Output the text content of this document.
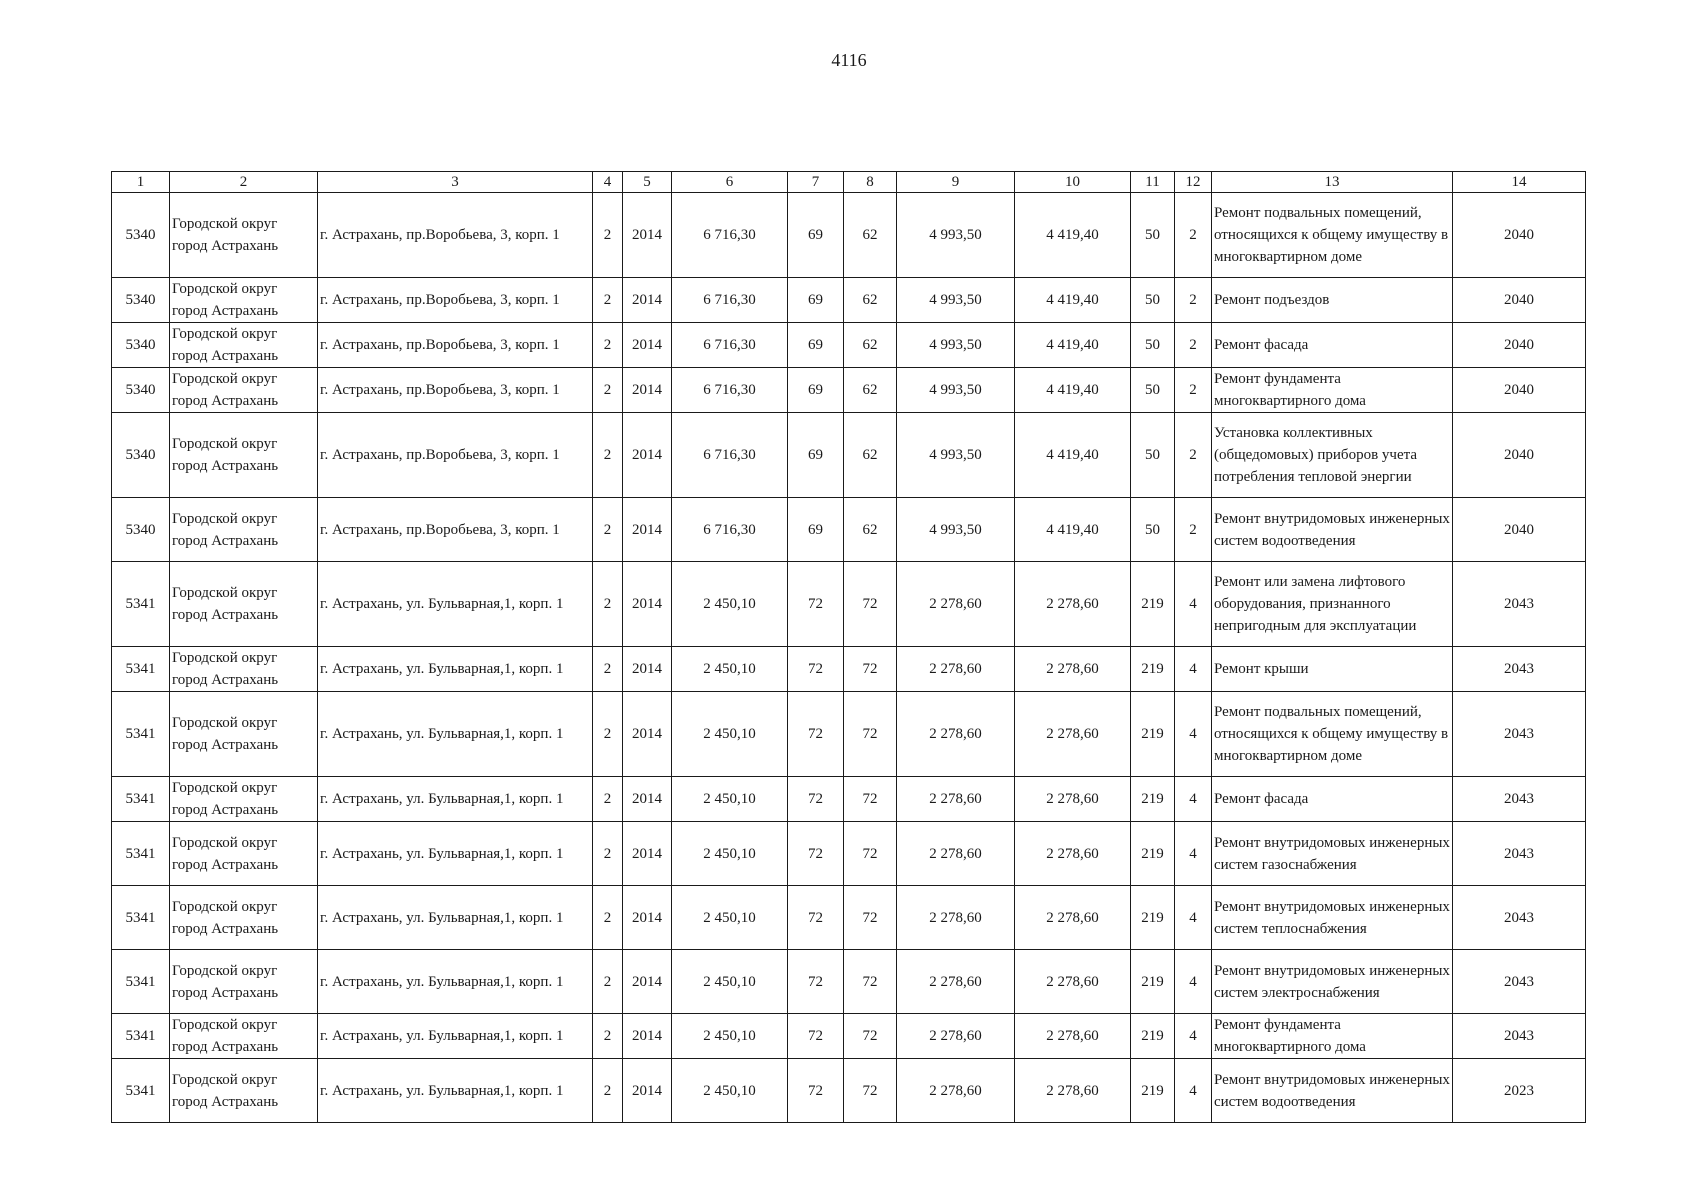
4116
1	2	3	4	5	6	7	8	9	10	11	12	13	14
5340	Городской округ город Астрахань	г. Астрахань, пр.Воробьева, 3, корп. 1	2	2014	6 716,30	69	62	4 993,50	4 419,40	50	2	Ремонт подвальных помещений, относящихся к общему имуществу в многоквартирном доме	2040
5340	Городской округ город Астрахань	г. Астрахань, пр.Воробьева, 3, корп. 1	2	2014	6 716,30	69	62	4 993,50	4 419,40	50	2	Ремонт подъездов	2040
5340	Городской округ город Астрахань	г. Астрахань, пр.Воробьева, 3, корп. 1	2	2014	6 716,30	69	62	4 993,50	4 419,40	50	2	Ремонт фасада	2040
5340	Городской округ город Астрахань	г. Астрахань, пр.Воробьева, 3, корп. 1	2	2014	6 716,30	69	62	4 993,50	4 419,40	50	2	Ремонт фундамента многоквартирного дома	2040
5340	Городской округ город Астрахань	г. Астрахань, пр.Воробьева, 3, корп. 1	2	2014	6 716,30	69	62	4 993,50	4 419,40	50	2	Установка коллективных (общедомовых) приборов учета потребления тепловой энергии	2040
5340	Городской округ город Астрахань	г. Астрахань, пр.Воробьева, 3, корп. 1	2	2014	6 716,30	69	62	4 993,50	4 419,40	50	2	Ремонт внутридомовых инженерных систем водоотведения	2040
5341	Городской округ город Астрахань	г. Астрахань, ул. Бульварная,1, корп. 1	2	2014	2 450,10	72	72	2 278,60	2 278,60	219	4	Ремонт или замена лифтового оборудования, признанного непригодным для эксплуатации	2043
5341	Городской округ город Астрахань	г. Астрахань, ул. Бульварная,1, корп. 1	2	2014	2 450,10	72	72	2 278,60	2 278,60	219	4	Ремонт крыши	2043
5341	Городской округ город Астрахань	г. Астрахань, ул. Бульварная,1, корп. 1	2	2014	2 450,10	72	72	2 278,60	2 278,60	219	4	Ремонт подвальных помещений, относящихся к общему имуществу в многоквартирном доме	2043
5341	Городской округ город Астрахань	г. Астрахань, ул. Бульварная,1, корп. 1	2	2014	2 450,10	72	72	2 278,60	2 278,60	219	4	Ремонт фасада	2043
5341	Городской округ город Астрахань	г. Астрахань, ул. Бульварная,1, корп. 1	2	2014	2 450,10	72	72	2 278,60	2 278,60	219	4	Ремонт внутридомовых инженерных систем газоснабжения	2043
5341	Городской округ город Астрахань	г. Астрахань, ул. Бульварная,1, корп. 1	2	2014	2 450,10	72	72	2 278,60	2 278,60	219	4	Ремонт внутридомовых инженерных систем теплоснабжения	2043
5341	Городской округ город Астрахань	г. Астрахань, ул. Бульварная,1, корп. 1	2	2014	2 450,10	72	72	2 278,60	2 278,60	219	4	Ремонт внутридомовых инженерных систем электроснабжения	2043
5341	Городской округ город Астрахань	г. Астрахань, ул. Бульварная,1, корп. 1	2	2014	2 450,10	72	72	2 278,60	2 278,60	219	4	Ремонт фундамента многоквартирного дома	2043
5341	Городской округ город Астрахань	г. Астрахань, ул. Бульварная,1, корп. 1	2	2014	2 450,10	72	72	2 278,60	2 278,60	219	4	Ремонт внутридомовых инженерных систем водоотведения	2023
